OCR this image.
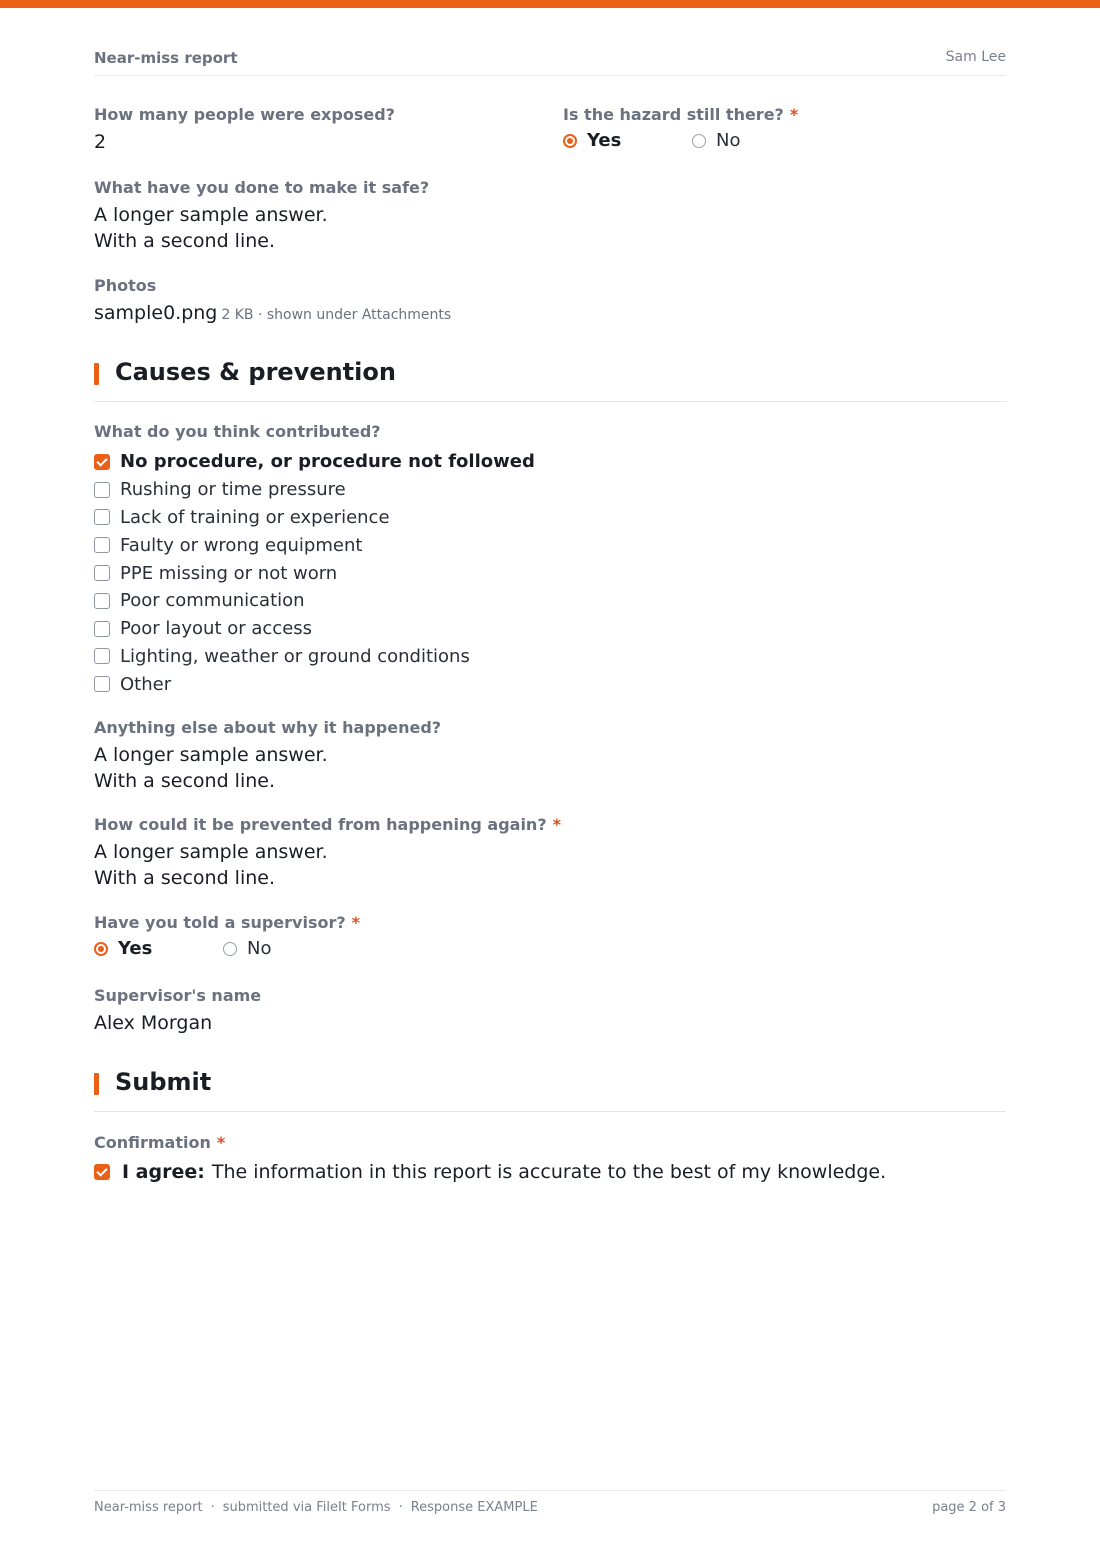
Near-miss report	Sam Lee
How many people were exposed?
2
Is the hazard still there? *
Yes	No
What have you done to make it safe?
A longer sample answer.
With a second line.
Photos
sample0.png 2 KB · shown under Attachments
Causes & prevention
What do you think contributed?
No procedure, or procedure not followed
Rushing or time pressure
Lack of training or experience
Faulty or wrong equipment
PPE missing or not worn
Poor communication
Poor layout or access
Lighting, weather or ground conditions
Other
Anything else about why it happened?
A longer sample answer.
With a second line.
How could it be prevented from happening again? *
A longer sample answer.
With a second line.
Have you told a supervisor? *
Yes	No
Supervisor's name
Alex Morgan
Submit
Confirmation *
I agree: The information in this report is accurate to the best of my knowledge.
Near-miss report · submitted via FileIt Forms · Response EXAMPLE	page 2 of 3
